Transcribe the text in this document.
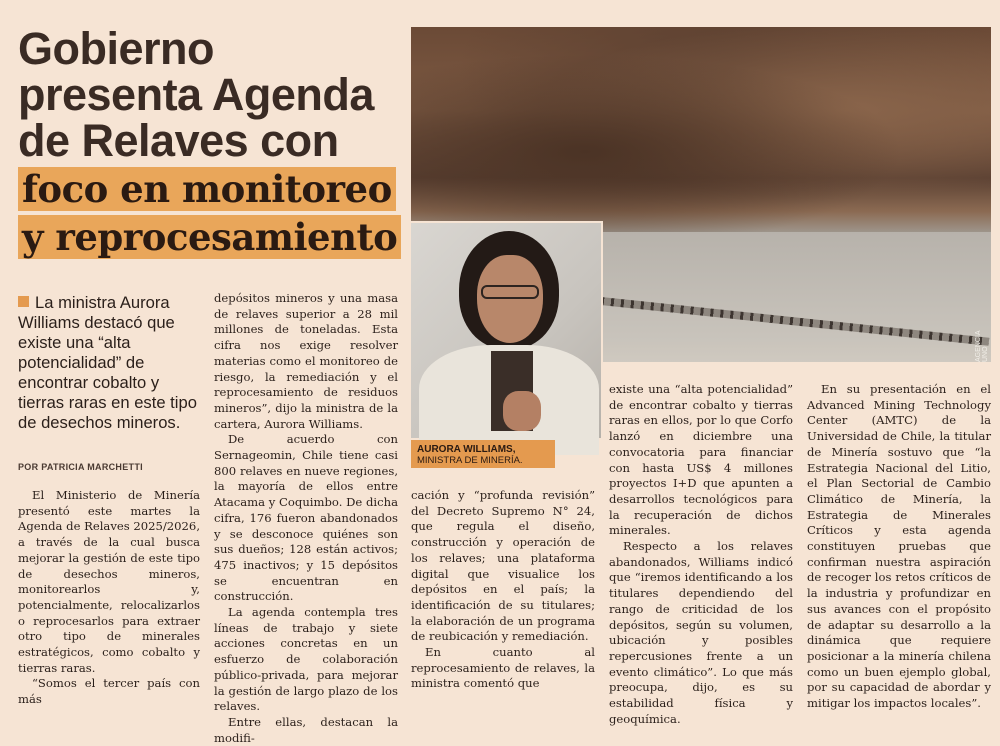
Gobierno presenta Agenda de Relaves con foco en monitoreo y reprocesamiento
La ministra Aurora Williams destacó que existe una “alta potencialidad” de encontrar cobalto y tierras raras en este tipo de desechos mineros.
POR PATRICIA MARCHETTI

El Ministerio de Minería presentó este martes la Agenda de Relaves 2025/2026, a través de la cual busca mejorar la gestión de este tipo de desechos mineros, monitorearlos y, potencialmente, relocalizarlos o reprocesarlos para extraer otro tipo de minerales estratégicos, como cobalto y tierras raras.

“Somos el tercer país con más

depósitos mineros y una masa de relaves superior a 28 mil millones de toneladas. Esta cifra nos exige resolver materias como el monitoreo de riesgo, la remediación y el reprocesamiento de residuos mineros”, dijo la ministra de la cartera, Aurora Williams.

De acuerdo con Sernageomin, Chile tiene casi 800 relaves en nueve regiones, la mayoría de ellos entre Atacama y Coquimbo. De dicha cifra, 176 fueron abandonados y se desconoce quiénes son sus dueños; 128 están activos; 475 inactivos; y 15 depósitos se encuentran en construcción.

La agenda contempla tres líneas de trabajo y siete acciones concretas en un esfuerzo de colaboración público-privada, para mejorar la gestión de largo plazo de los relaves.

Entre ellas, destacan la modifi-

cación y “profunda revisión” del Decreto Supremo N° 24, que regula el diseño, construcción y operación de los relaves; una plataforma digital que visualice los depósitos en el país; la identificación de su titulares; la elaboración de un programa de reubicación y remediación.

En cuanto al reprocesamiento de relaves, la ministra comentó que

existe una “alta potencialidad” de encontrar cobalto y tierras raras en ellos, por lo que Corfo lanzó en diciembre una convocatoria para financiar con hasta US$ 4 millones proyectos I+D que apunten a desarrollos tecnológicos para la recuperación de dichos minerales.

Respecto a los relaves abandonados, Williams indicó que “iremos identificando a los titulares dependiendo del rango de criticidad de los depósitos, según su volumen, ubicación y posibles repercusiones frente a un evento climático”. Lo que más preocupa, dijo, es su estabilidad física y geoquímica.

En su presentación en el Advanced Mining Technology Center (AMTC) de la Universidad de Chile, la titular de Minería sostuvo que “la Estrategia Nacional del Litio, el Plan Sectorial de Cambio Climático de Minería, la Estrategia de Minerales Críticos y esta agenda constituyen pruebas que confirman nuestra aspiración de recoger los retos críticos de la industria y profundizar en sus avances con el propósito de adaptar su desarrollo a la dinámica que requiere posicionar a la minería chilena como un buen ejemplo global, por su capacidad de abordar y mitigar los impactos locales”.

AGENCIA UNO
AURORA WILLIAMS,
MINISTRA DE MINERÍA.
